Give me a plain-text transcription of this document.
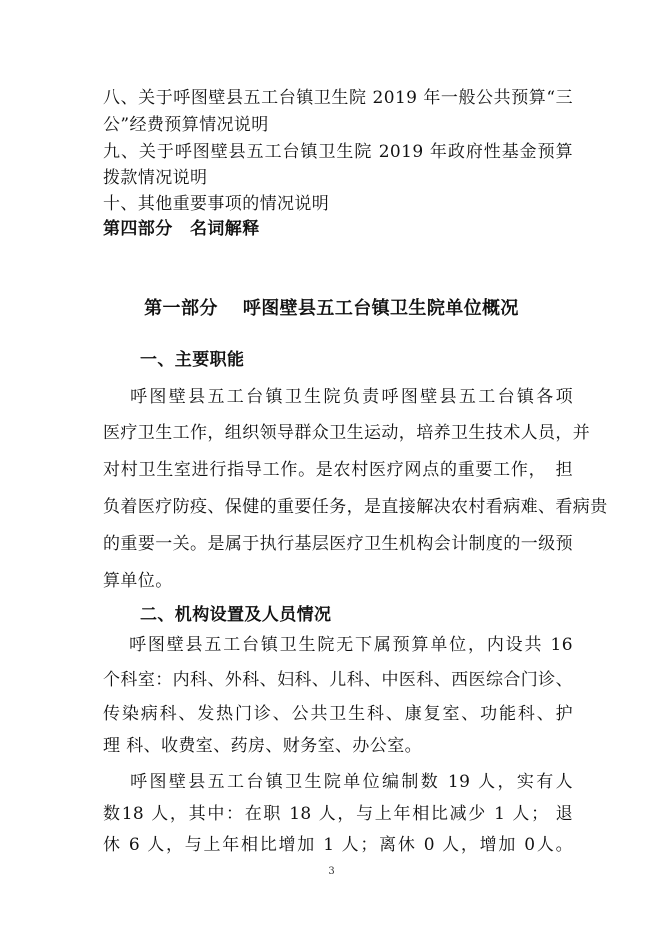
八、关于呼图壁县五工台镇卫生院 2019 年一般公共预算“三
公”经费预算情况说明
九、关于呼图壁县五工台镇卫生院 2019 年政府性基金预算
拨款情况说明
十、其他重要事项的情况说明
第四部分　名词解释
第一部分　 呼图壁县五工台镇卫生院单位概况
一、主要职能
　 呼图壁县五工台镇卫生院负责呼图壁县五工台镇各项
医疗卫生工作，组织领导群众卫生运动，培养卫生技术人员，并
对村卫生室进行指导工作。是农村医疗网点的重要工作，　担
负着医疗防疫、保健的重要任务，是直接解决农村看病难、看病贵
的重要一关。是属于执行基层医疗卫生机构会计制度的一级预
算单位。
二、机构设置及人员情况
　 呼图壁县五工台镇卫生院无下属预算单位，内设共 16
个科室：内科、外科、妇科、儿科、中医科、西医综合门诊、
传染病科、发热门诊、公共卫生科、康复室、功能科、护
理 科、收费室、药房、财务室、办公室。
　 呼图壁县五工台镇卫生院单位编制数 19 人，实有人
数18 人，其中：在职 18 人，与上年相比减少 1 人； 退
休 6 人，与上年相比增加 1 人；离休 0 人，增加 0人。
3
